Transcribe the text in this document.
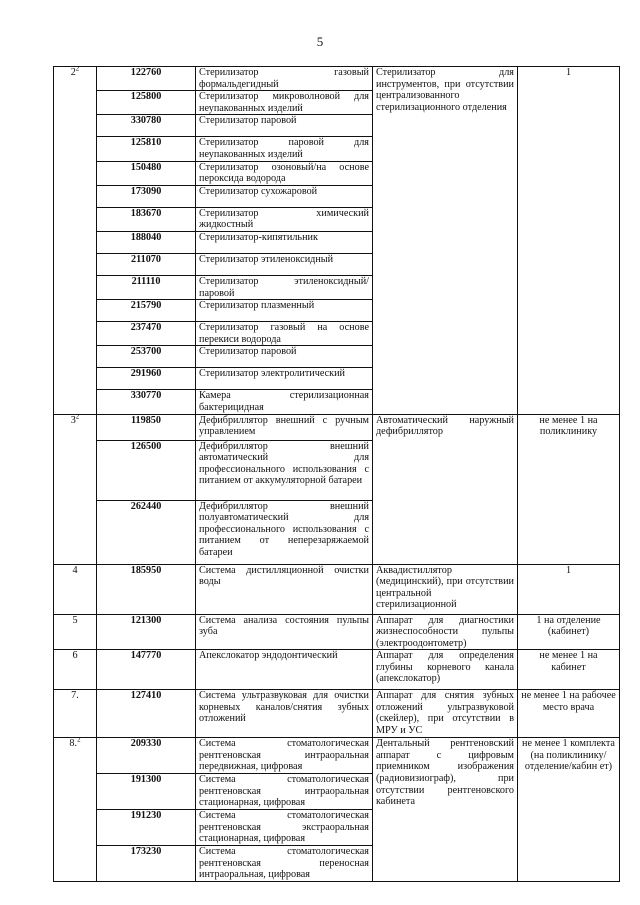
5
$2^2$	122760	Стерилизатор газовый формальдегидный	Стерилизатор для инструментов, при отсутствии централизованного стерилизационного отделения	1
	125800	Стерилизатор микроволновой для неупакованных изделий		
	330780	Стерилизатор паровой		
	125810	Стерилизатор паровой для неупакованных изделий		
	150480	Стерилизатор озоновый/на основе пероксида водорода		
	173090	Стерилизатор сухожаровой		
	183670	Стерилизатор химический жидкостный		
	188040	Стерилизатор-кипятильник		
	211070	Стерилизатор этиленоксидный		
	211110	Стерилизатор этиленоксидный/паровой		
	215790	Стерилизатор плазменный		
	237470	Стерилизатор газовый на основе перекиси водорода		
	253700	Стерилизатор паровой		
	291960	Стерилизатор электролитический		
	330770	Камера стерилизационная бактерицидная		
$3^2$	119850	Дефибриллятор внешний с ручным управлением	Автоматический наружный дефибриллятор	не менее 1 на поликлинику
	126500	Дефибриллятор внешний автоматический для профессионального использования с питанием от аккумуляторной батареи		
	262440	Дефибриллятор внешний полуавтоматический для профессионального использования с питанием от неперезаряжаемой батареи		
4	185950	Система дистилляционной очистки воды	Аквадистиллятор (медицинский), при отсутствии центральной стерилизационной	1
5	121300	Система анализа состояния пульпы зуба	Аппарат для диагностики жизнеспособности пульпы (электроодонтометр)	1 на отделение (кабинет)
6	147770	Апекслокатор эндодонтический	Аппарат для определения глубины корневого канала (апекслокатор)	не менее 1 на кабинет
7.	127410	Система ультразвуковая для очистки корневых каналов/снятия зубных отложений	Аппарат для снятия зубных отложений ультразвуковой (скейлер), при отсутствии в МРУ и УС	не менее 1 на рабочее место врача
8.$^2$	209330	Система стоматологическая рентгеновская интраоральная передвижная, цифровая	Дентальный рентгеновский аппарат с цифровым приемником изображения (радиовизиограф), при отсутствии рентгеновского кабинета	не менее 1 комплекта (на поликлинику/ отделение/кабин ет)
	191300	Система стоматологическая рентгеновская интраоральная стационарная, цифровая		
	191230	Система стоматологическая рентгеновская экстраоральная стационарная, цифровая		
	173230	Система стоматологическая рентгеновская переносная интраоральная, цифровая		
